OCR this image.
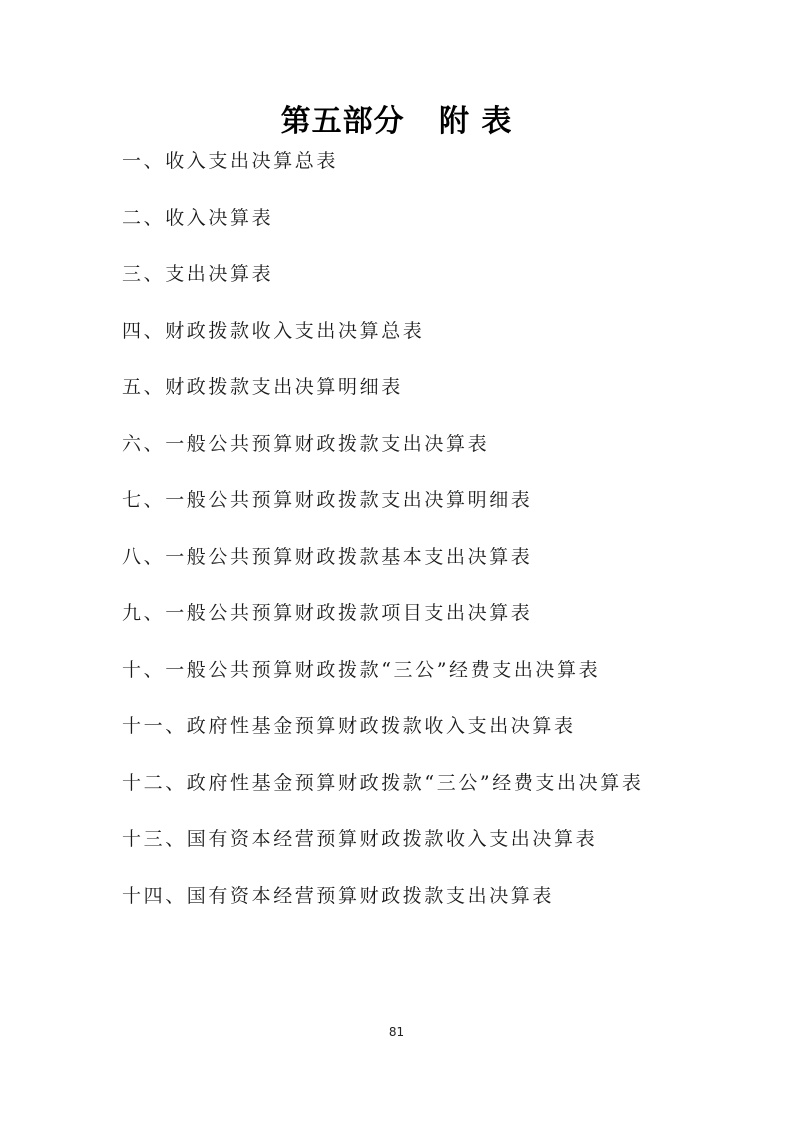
第五部分   附 表
一、收入支出决算总表
二、收入决算表
三、支出决算表
四、财政拨款收入支出决算总表
五、财政拨款支出决算明细表
六、一般公共预算财政拨款支出决算表
七、一般公共预算财政拨款支出决算明细表
八、一般公共预算财政拨款基本支出决算表
九、一般公共预算财政拨款项目支出决算表
十、一般公共预算财政拨款“三公”经费支出决算表
十一、政府性基金预算财政拨款收入支出决算表
十二、政府性基金预算财政拨款“三公”经费支出决算表
十三、国有资本经营预算财政拨款收入支出决算表
十四、国有资本经营预算财政拨款支出决算表
81
